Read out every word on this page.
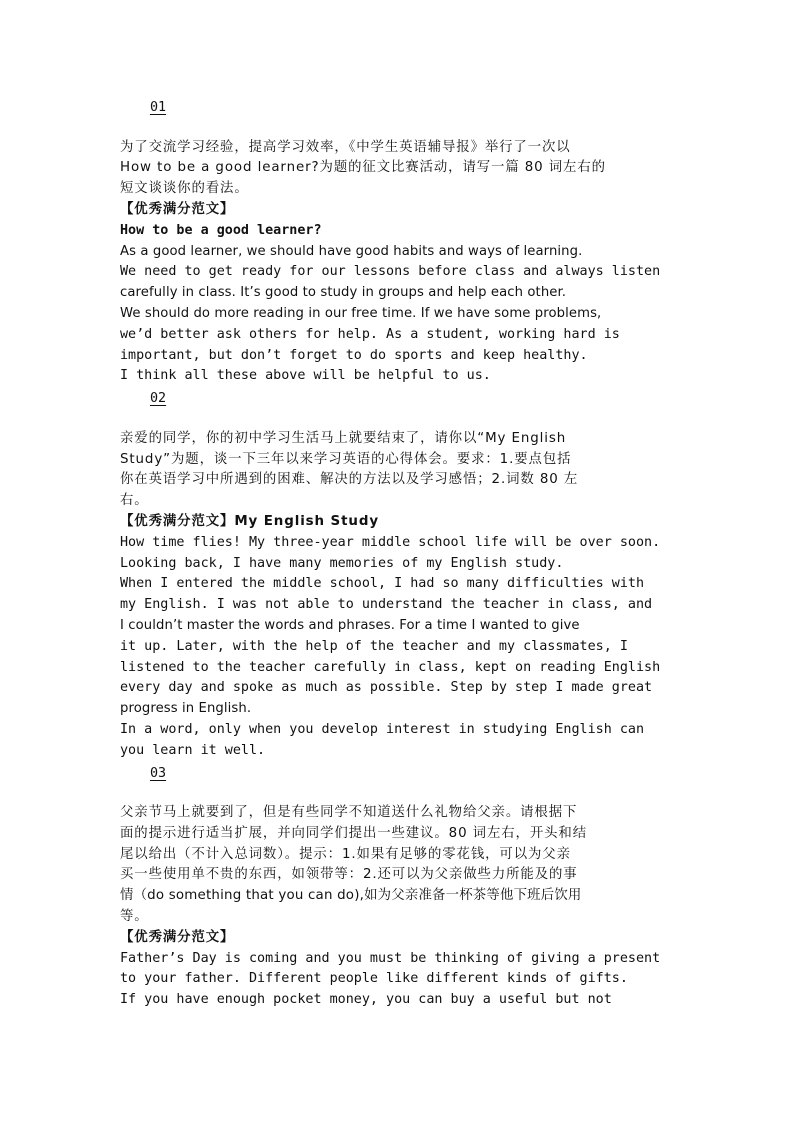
01
为了交流学习经验，提高学习效率，《中学生英语辅导报》举行了一次以
How to be a good learner?为题的征文比赛活动，请写一篇 80 词左右的
短文谈谈你的看法。
【优秀满分范文】
How to be a good learner?
As a good learner, we should have good habits and ways of learning.
We need to get ready for our lessons before class and always listen
carefully in class. It’s good to study in groups and help each other.
We should do more reading in our free time. If we have some problems,
we’d better ask others for help. As a student, working hard is
important, but don’t forget to do sports and keep healthy.
I think all these above will be helpful to us.
02
亲爱的同学，你的初中学习生活马上就要结束了，请你以“My English
Study”为题，谈一下三年以来学习英语的心得体会。要求：1.要点包括
你在英语学习中所遇到的困难、解决的方法以及学习感悟；2.词数 80 左
右。
【优秀满分范文】My English Study
How time flies! My three-year middle school life will be over soon.
Looking back, I have many memories of my English study.
When I entered the middle school, I had so many difficulties with
my English. I was not able to understand the teacher in class, and
I couldn’t master the words and phrases. For a time I wanted to give
it up. Later, with the help of the teacher and my classmates, I
listened to the teacher carefully in class, kept on reading English
every day and spoke as much as possible. Step by step I made great
progress in English.
In a word, only when you develop interest in studying English can
you learn it well.
03
父亲节马上就要到了，但是有些同学不知道送什么礼物给父亲。请根据下
面的提示进行适当扩展，并向同学们提出一些建议。80 词左右，开头和结
尾以给出（不计入总词数）。提示：1.如果有足够的零花钱，可以为父亲
买一些使用单不贵的东西，如领带等：2.还可以为父亲做些力所能及的事
情（do something that you can do),如为父亲准备一杯茶等他下班后饮用
等。
【优秀满分范文】
Father’s Day is coming and you must be thinking of giving a present
to your father. Different people like different kinds of gifts.
If you have enough pocket money, you can buy a useful but not
